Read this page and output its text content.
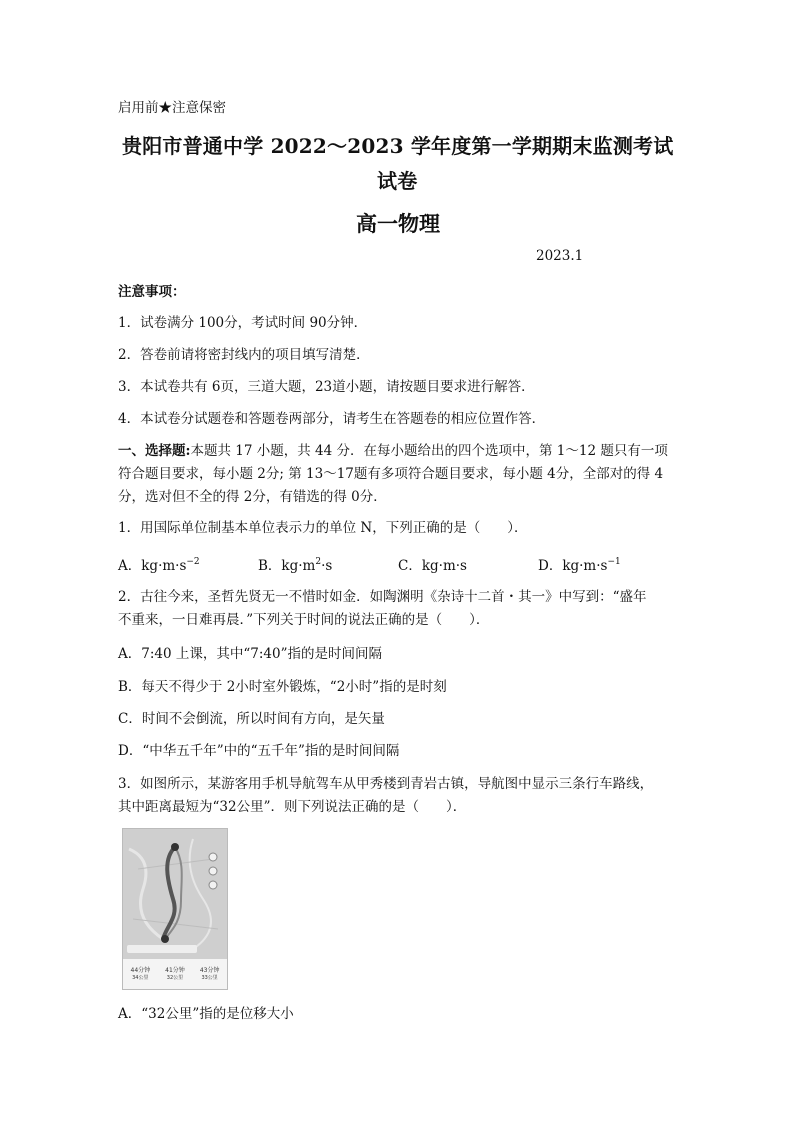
启用前★注意保密
贵阳市普通中学 2022～2023 学年度第一学期期末监测考试
试卷
高一物理
2023.1
注意事项：
1．试卷满分 100分，考试时间 90分钟．
2．答卷前请将密封线内的项目填写清楚．
3．本试卷共有 6页，三道大题，23道小题，请按题目要求进行解答．
4．本试卷分试题卷和答题卷两部分，请考生在答题卷的相应位置作答．
一、选择题:本题共 17 小题，共 44 分．在每小题给出的四个选项中，第 1～12 题只有一项
符合题目要求，每小题 2分; 第 13～17题有多项符合题目要求，每小题 4分，全部对的得 4
分，选对但不全的得 2分，有错选的得 0分．
1．用国际单位制基本单位表示力的单位 N，下列正确的是（　　）．
A．$kg\cdot m\cdot s^{-2}$	B．$kg\cdot m^2\cdot s$	C．kg·m·s	D．$kg\cdot m\cdot s^{-1}$
2．古往今来，圣哲先贤无一不惜时如金．如陶渊明《杂诗十二首・其一》中写到：“盛年
不重来，一日难再晨．”下列关于时间的说法正确的是（　　）．
A．7:40 上课，其中“7:40”指的是时间间隔
B．每天不得少于 2小时室外锻炼，“2小时”指的是时刻
C．时间不会倒流，所以时间有方向，是矢量
D．“中华五千年”中的“五千年”指的是时间间隔
3．如图所示，某游客用手机导航驾车从甲秀楼到青岩古镇，导航图中显示三条行车路线，
其中距离最短为“32公里”．则下列说法正确的是（　　）．
44分钟
34公里
41分钟
32公里
43分钟
33公里
A．“32公里”指的是位移大小
